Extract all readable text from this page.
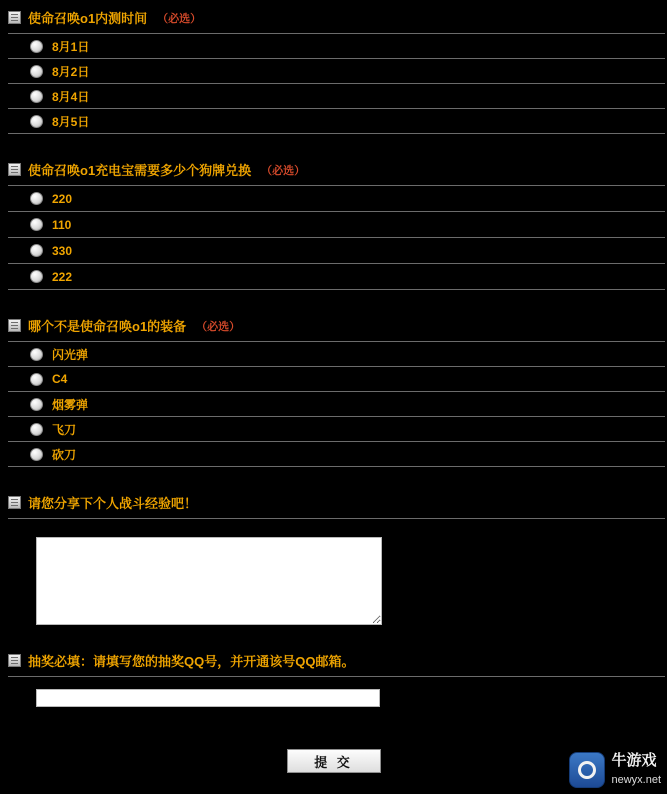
使命召唤o1内测时间 （必选）
8月1日
8月2日
8月4日
8月5日
使命召唤o1充电宝需要多少个狗牌兑换 （必选）
220
110
330
222
哪个不是使命召唤o1的装备 （必选）
闪光弹
C4
烟雾弹
飞刀
砍刀
请您分享下个人战斗经验吧！
抽奖必填：请填写您的抽奖QQ号，并开通该号QQ邮箱。
提 交	牛游戏
newyx.net
